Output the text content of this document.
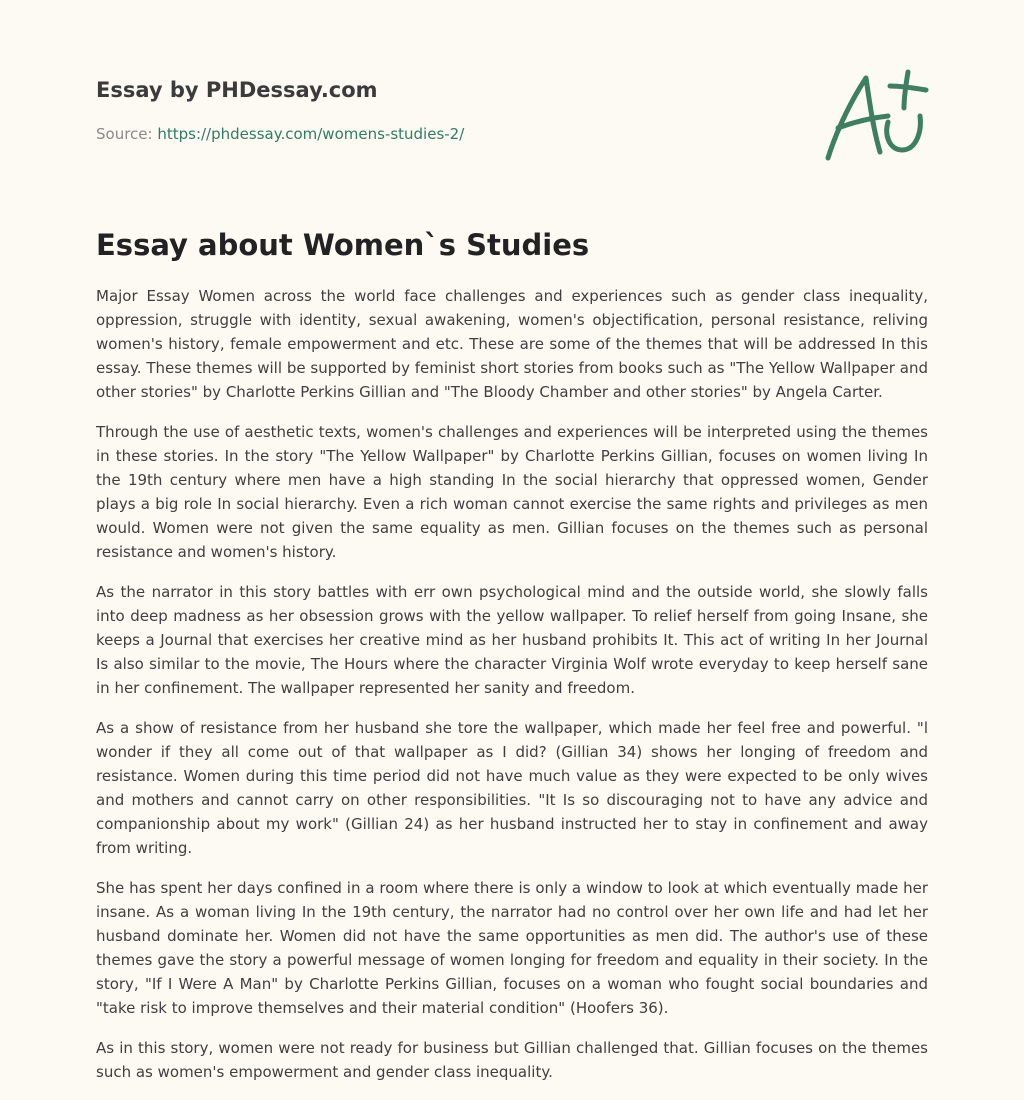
Essay by PHDessay.com
Source: https://phdessay.com/womens-studies-2/
Essay about Women`s Studies

Major Essay Women across the world face challenges and experiences such as gender class inequality, oppression, struggle with identity, sexual awakening, women's objectification, personal resistance, reliving women's history, female empowerment and etc. These are some of the themes that will be addressed In this essay. These themes will be supported by feminist short stories from books such as "The Yellow Wallpaper and other stories" by Charlotte Perkins Gillian and "The Bloody Chamber and other stories" by Angela Carter.

Through the use of aesthetic texts, women's challenges and experiences will be interpreted using the themes in these stories. In the story "The Yellow Wallpaper" by Charlotte Perkins Gillian, focuses on women living In the 19th century where men have a high standing In the social hierarchy that oppressed women, Gender plays a big role In social hierarchy. Even a rich woman cannot exercise the same rights and privileges as men would. Women were not given the same equality as men. Gillian focuses on the themes such as personal resistance and women's history.

As the narrator in this story battles with err own psychological mind and the outside world, she slowly falls into deep madness as her obsession grows with the yellow wallpaper. To relief herself from going Insane, she keeps a Journal that exercises her creative mind as her husband prohibits It. This act of writing In her Journal Is also similar to the movie, The Hours where the character Virginia Wolf wrote everyday to keep herself sane in her confinement. The wallpaper represented her sanity and freedom.

As a show of resistance from her husband she tore the wallpaper, which made her feel free and powerful. "l wonder if they all come out of that wallpaper as I did? (Gillian 34) shows her longing of freedom and resistance. Women during this time period did not have much value as they were expected to be only wives and mothers and cannot carry on other responsibilities. "It Is so discouraging not to have any advice and companionship about my work" (Gillian 24) as her husband instructed her to stay in confinement and away from writing.

She has spent her days confined in a room where there is only a window to look at which eventually made her insane. As a woman living In the 19th century, the narrator had no control over her own life and had let her husband dominate her. Women did not have the same opportunities as men did. The author's use of these themes gave the story a powerful message of women longing for freedom and equality in their society. In the story, "If I Were A Man" by Charlotte Perkins Gillian, focuses on a woman who fought social boundaries and "take risk to improve themselves and their material condition" (Hoofers 36).

As in this story, women were not ready for business but Gillian challenged that. Gillian focuses on the themes such as women's empowerment and gender class inequality.
